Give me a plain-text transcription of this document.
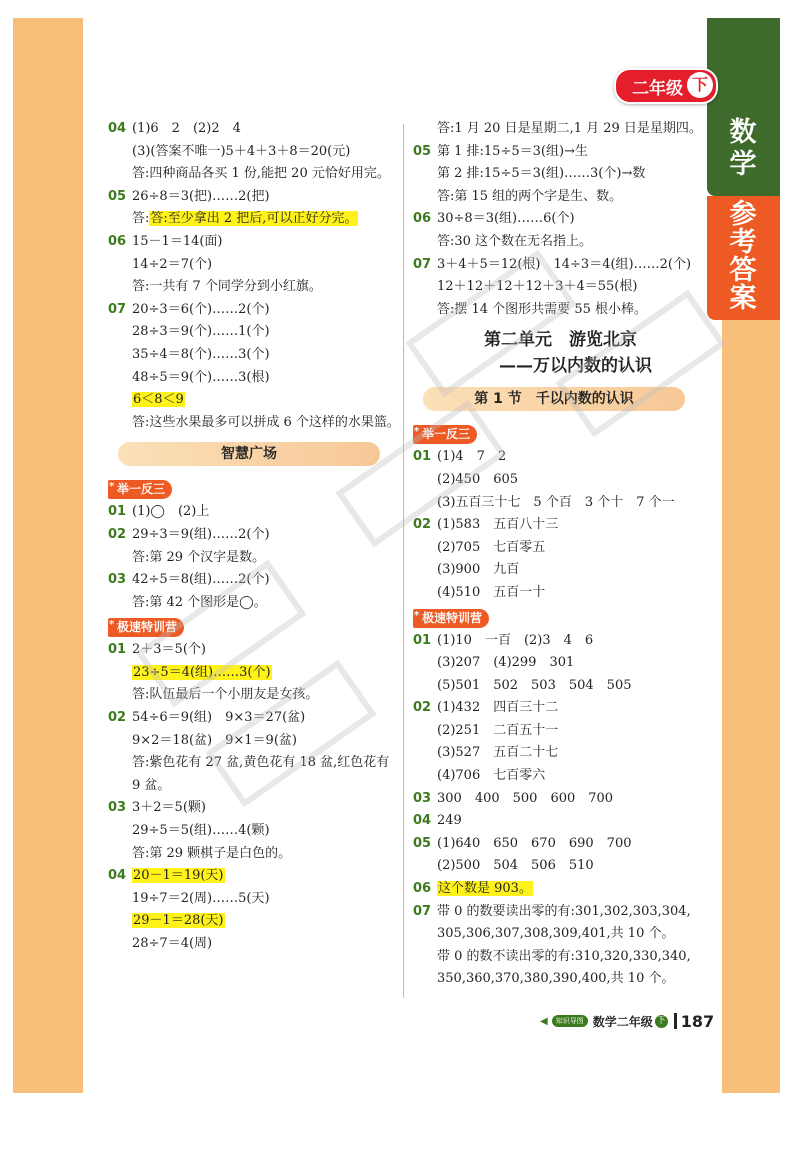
数
学
参
考
答
案
二年级 下
04 (1)6　2　(2)2　4
(3)(答案不唯一)5＋4＋3＋8＝20(元)
答:四种商品各买 1 份,能把 20 元恰好用完。
05 26÷8＝3(把)……2(把)
答:答:至少拿出 2 把后,可以正好分完。
06 15－1＝14(面)
14÷2＝7(个)
答:一共有 7 个同学分到小红旗。
07 20÷3＝6(个)……2(个)
28÷3＝9(个)……1(个)
35÷4＝8(个)……3(个)
48÷5＝9(个)……3(根)
6＜8＜9
答:这些水果最多可以拼成 6 个这样的水果篮。
智慧广场
* 举一反三
01 (1)◯　(2)上
02 29÷3＝9(组)……2(个)
答:第 29 个汉字是数。
03 42÷5＝8(组)……2(个)
答:第 42 个图形是◯。
* 极速特训营
01 2＋3＝5(个)
23÷5＝4(组)……3(个)
答:队伍最后一个小朋友是女孩。
02 54÷6＝9(组)　9×3＝27(盆)
9×2＝18(盆)　9×1＝9(盆)
答:紫色花有 27 盆,黄色花有 18 盆,红色花有 9 盆。
03 3＋2＝5(颗)
29÷5＝5(组)……4(颗)
答:第 29 颗棋子是白色的。
04 20－1＝19(天)
19÷7＝2(周)……5(天)
29－1＝28(天)
28÷7＝4(周)
答:1 月 20 日是星期二,1 月 29 日是星期四。
05 第 1 排:15÷5＝3(组)→生
第 2 排:15÷5＝3(组)……3(个)→数
答:第 15 组的两个字是生、数。
06 30÷8＝3(组)……6(个)
答:30 这个数在无名指上。
07 3＋4＋5＝12(根)　14÷3＝4(组)……2(个)
12＋12＋12＋12＋3＋4＝55(根)
答:摆 14 个图形共需要 55 根小棒。
第二单元　游览北京
——万以内数的认识
第 1 节　千以内数的认识
* 举一反三
01 (1)4　7　2
(2)450　605
(3)五百三十七　5 个百　3 个十　7 个一
02 (1)583　五百八十三
(2)705　七百零五
(3)900　九百
(4)510　五百一十
* 极速特训营
01 (1)10　一百　(2)3　4　6
(3)207　(4)299　301
(5)501　502　503　504　505
02 (1)432　四百三十二
(2)251　二百五十一
(3)527　五百二十七
(4)706　七百零六
03 300　400　500　600　700
04 249
05 (1)640　650　670　690　700
(2)500　504　506　510
06 这个数是 903。
07 带 0 的数要读出零的有:301,302,303,304,
305,306,307,308,309,401,共 10 个。
带 0 的数不读出零的有:310,320,330,340,
350,360,370,380,390,400,共 10 个。
◀	知识导图 数学二年级 下 187
